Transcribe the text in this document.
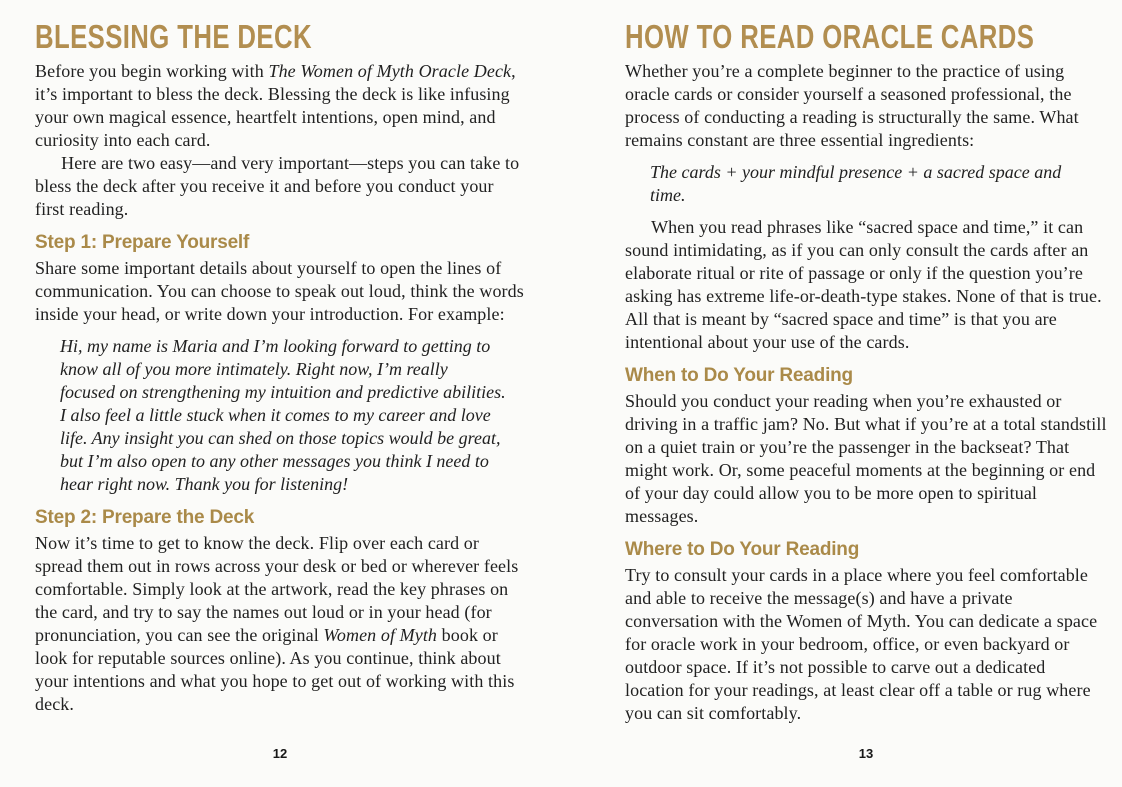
BLESSING THE DECK

Before you begin working with The Women of Myth Oracle Deck, it’s important to bless the deck. Blessing the deck is like infusing your own magical essence, heartfelt intentions, open mind, and curiosity into each card.

Here are two easy—and very important—steps you can take to bless the deck after you receive it and before you conduct your first reading.

Step 1: Prepare Yourself

Share some important details about yourself to open the lines of communication. You can choose to speak out loud, think the words inside your head, or write down your introduction. For example:

Hi, my name is Maria and I’m looking forward to getting to know all of you more intimately. Right now, I’m really focused on strengthening my intuition and predictive abilities. I also feel a little stuck when it comes to my career and love life. Any insight you can shed on those topics would be great, but I’m also open to any other messages you think I need to hear right now. Thank you for listening!
Step 2: Prepare the Deck

Now it’s time to get to know the deck. Flip over each card or spread them out in rows across your desk or bed or wherever feels comfortable. Simply look at the artwork, read the key phrases on the card, and try to say the names out loud or in your head (for pronunciation, you can see the original Women of Myth book or look for reputable sources online). As you continue, think about your intentions and what you hope to get out of working with this deck.

12
HOW TO READ ORACLE CARDS

Whether you’re a complete beginner to the practice of using oracle cards or consider yourself a seasoned professional, the process of conducting a reading is structurally the same. What remains constant are three essential ingredients:

The cards + your mindful presence + a sacred space and time.

When you read phrases like “sacred space and time,” it can sound intimidating, as if you can only consult the cards after an elaborate ritual or rite of passage or only if the question you’re asking has extreme life-or-death-type stakes. None of that is true. All that is meant by “sacred space and time” is that you are intentional about your use of the cards.

When to Do Your Reading

Should you conduct your reading when you’re exhausted or driving in a traffic jam? No. But what if you’re at a total standstill on a quiet train or you’re the passenger in the backseat? That might work. Or, some peaceful moments at the beginning or end of your day could allow you to be more open to spiritual messages.

Where to Do Your Reading

Try to consult your cards in a place where you feel comfortable and able to receive the message(s) and have a private conversation with the Women of Myth. You can dedicate a space for oracle work in your bedroom, office, or even backyard or outdoor space. If it’s not possible to carve out a dedicated location for your readings, at least clear off a table or rug where you can sit comfortably.

13
